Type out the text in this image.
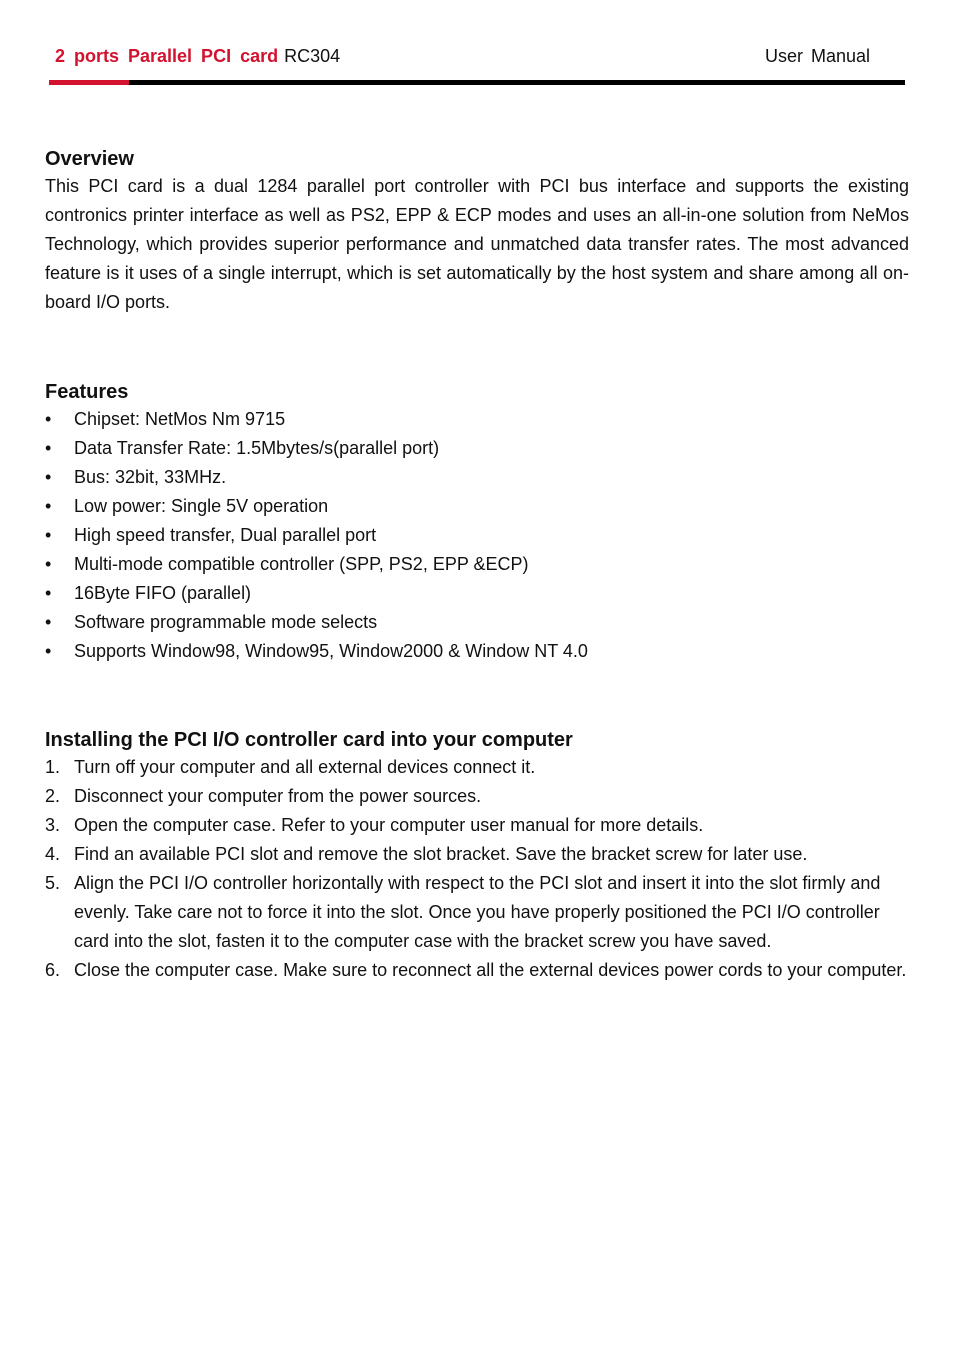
2 ports Parallel PCI card RC304	User Manual
Overview

This PCI card is a dual 1284 parallel port controller with PCI bus interface and supports the existing contronics printer interface as well as PS2, EPP & ECP modes and uses an all-in-one solution from NeMos Technology, which provides superior performance and unmatched data transfer rates. The most advanced feature is it uses of a single interrupt, which is set automatically by the host system and share among all on-board I/O ports.

Features
• Chipset: NetMos Nm 9715
• Data Transfer Rate: 1.5Mbytes/s(parallel port)
• Bus: 32bit, 33MHz.
• Low power: Single 5V operation
• High speed transfer, Dual parallel port
• Multi-mode compatible controller (SPP, PS2, EPP &ECP)
• 16Byte FIFO (parallel)
• Software programmable mode selects
• Supports Window98, Window95, Window2000 & Window NT 4.0
Installing the PCI I/O controller card into your computer
1. Turn off your computer and all external devices connect it.
2. Disconnect your computer from the power sources.
3. Open the computer case. Refer to your computer user manual for more details.
4. Find an available PCI slot and remove the slot bracket. Save the bracket screw for later use.
5. Align the PCI I/O controller horizontally with respect to the PCI slot and insert it into the slot firmly and evenly. Take care not to force it into the slot. Once you have properly positioned the PCI I/O controller card into the slot, fasten it to the computer case with the bracket screw you have saved.
6. Close the computer case. Make sure to reconnect all the external devices power cords to your computer.
